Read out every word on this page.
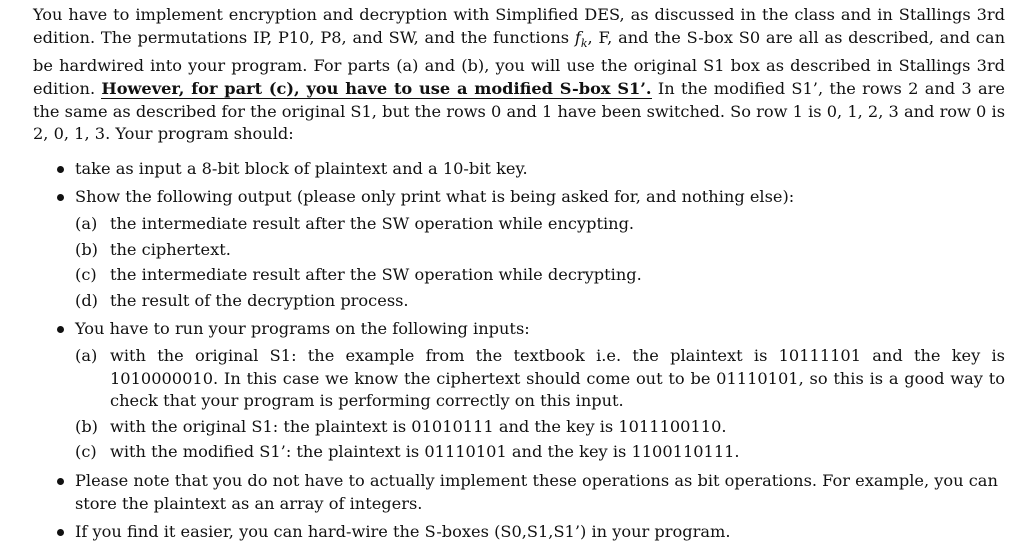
You have to implement encryption and decryption with Simplified DES, as discussed in the class and in Stallings 3rd edition. The permutations IP, P10, P8, and SW, and the functions $f_k$, F, and the S-box S0 are all as described, and can be hardwired into your program. For parts (a) and (b), you will use the original S1 box as described in Stallings 3rd edition. However, for part (c), you have to use a modified S-box S1’. In the modified S1’, the rows 2 and 3 are the same as described for the original S1, but the rows 0 and 1 have been switched. So row 1 is 0, 1, 2, 3 and row 0 is 2, 0, 1, 3. Your program should:

take as input a 8-bit block of plaintext and a 10-bit key.
Show the following output (please only print what is being asked for, and nothing else):
(a) the intermediate result after the SW operation while encypting.
(b) the ciphertext.
(c) the intermediate result after the SW operation while decrypting.
(d) the result of the decryption process.
You have to run your programs on the following inputs:
(a) with the original S1: the example from the textbook i.e. the plaintext is 10111101 and the key is 1010000010. In this case we know the ciphertext should come out to be 01110101, so this is a good way to check that your program is performing correctly on this input.
(b) with the original S1: the plaintext is 01010111 and the key is 1011100110.
(c) with the modified S1’: the plaintext is 01110101 and the key is 1100110111.
Please note that you do not have to actually implement these operations as bit operations. For example, you can store the plaintext as an array of integers.
If you find it easier, you can hard-wire the S-boxes (S0,S1,S1’) in your program.
